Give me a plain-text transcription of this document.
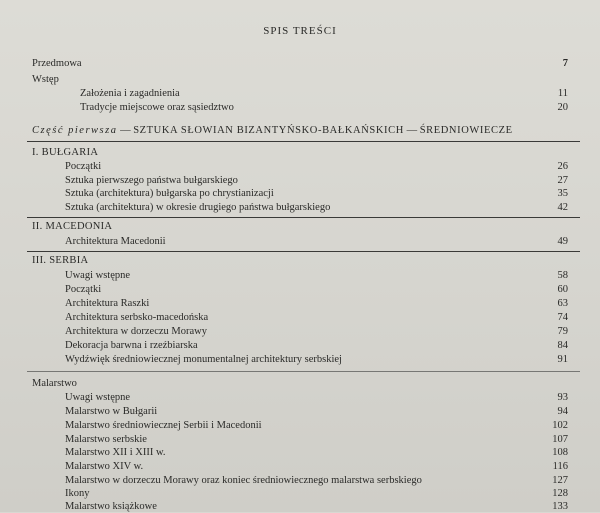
SPIS TREŚCI
Przedmowa	7
Wstęp
Założenia i zagadnienia	11
Tradycje miejscowe oraz sąsiedztwo	20
Część pierwsza — SZTUKA SŁOWIAN BIZANTYŃSKO-BAŁKAŃSKICH — ŚREDNIOWIECZE
I. BUŁGARIA
Początki	26
Sztuka pierwszego państwa bułgarskiego	27
Sztuka (architektura) bułgarska po chrystianizacji	35
Sztuka (architektura) w okresie drugiego państwa bułgarskiego	42
II. MACEDONIA
Architektura Macedonii	49
III. SERBIA
Uwagi wstępne	58
Początki	60
Architektura Raszki	63
Architektura serbsko-macedońska	74
Architektura w dorzeczu Morawy	79
Dekoracja barwna i rzeźbiarska	84
Wydźwięk średniowiecznej monumentalnej architektury serbskiej	91
Malarstwo
Uwagi wstępne	93
Malarstwo w Bułgarii	94
Malarstwo średniowiecznej Serbii i Macedonii	102
Malarstwo serbskie	107
Malarstwo XII i XIII w.	108
Malarstwo XIV w.	116
Malarstwo w dorzeczu Morawy oraz koniec średniowiecznego malarstwa serbskiego	127
Ikony	128
Malarstwo książkowe	133
